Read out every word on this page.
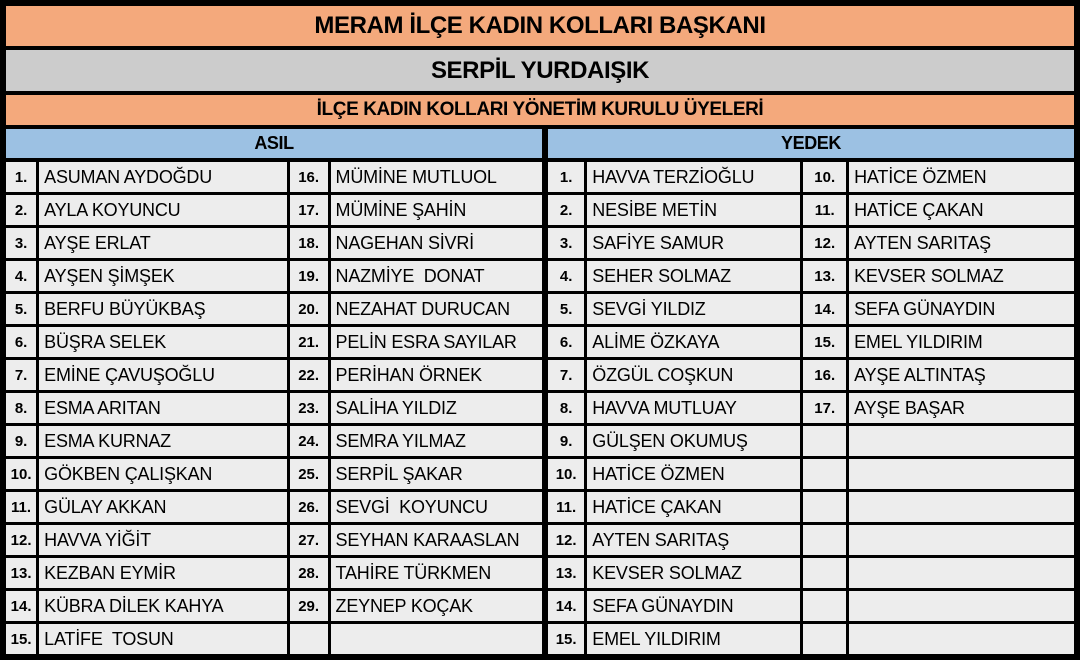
MERAM İLÇE KADIN KOLLARI BAŞKANI							
SERPİL YURDAIŞIK							
İLÇE KADIN KOLLARI YÖNETİM KURULU ÜYELERİ							
ASIL				YEDEK			
1.	ASUMAN AYDOĞDU	16.	MÜMİNE MUTLUOL	1.	HAVVA TERZİOĞLU	10.	HATİCE ÖZMEN
2.	AYLA KOYUNCU	17.	MÜMİNE ŞAHİN	2.	NESİBE METİN	11.	HATİCE ÇAKAN
3.	AYŞE ERLAT	18.	NAGEHAN SİVRİ	3.	SAFİYE SAMUR	12.	AYTEN SARITAŞ
4.	AYŞEN ŞİMŞEK	19.	NAZMİYE  DONAT	4.	SEHER SOLMAZ	13.	KEVSER SOLMAZ
5.	BERFU BÜYÜKBAŞ	20.	NEZAHAT DURUCAN	5.	SEVGİ YILDIZ	14.	SEFA GÜNAYDIN
6.	BÜŞRA SELEK	21.	PELİN ESRA SAYILAR	6.	ALİME ÖZKAYA	15.	EMEL YILDIRIM
7.	EMİNE ÇAVUŞOĞLU	22.	PERİHAN ÖRNEK	7.	ÖZGÜL COŞKUN	16.	AYŞE ALTINTAŞ
8.	ESMA ARITAN	23.	SALİHA YILDIZ	8.	HAVVA MUTLUAY	17.	AYŞE BAŞAR
9.	ESMA KURNAZ	24.	SEMRA YILMAZ	9.	GÜLŞEN OKUMUŞ		
10.	GÖKBEN ÇALIŞKAN	25.	SERPİL ŞAKAR	10.	HATİCE ÖZMEN		
11.	GÜLAY AKKAN	26.	SEVGİ  KOYUNCU	11.	HATİCE ÇAKAN		
12.	HAVVA YİĞİT	27.	SEYHAN KARAASLAN	12.	AYTEN SARITAŞ		
13.	KEZBAN EYMİR	28.	TAHİRE TÜRKMEN	13.	KEVSER SOLMAZ		
14.	KÜBRA DİLEK KAHYA	29.	ZEYNEP KOÇAK	14.	SEFA GÜNAYDIN		
15.	LATİFE  TOSUN			15.	EMEL YILDIRIM		
